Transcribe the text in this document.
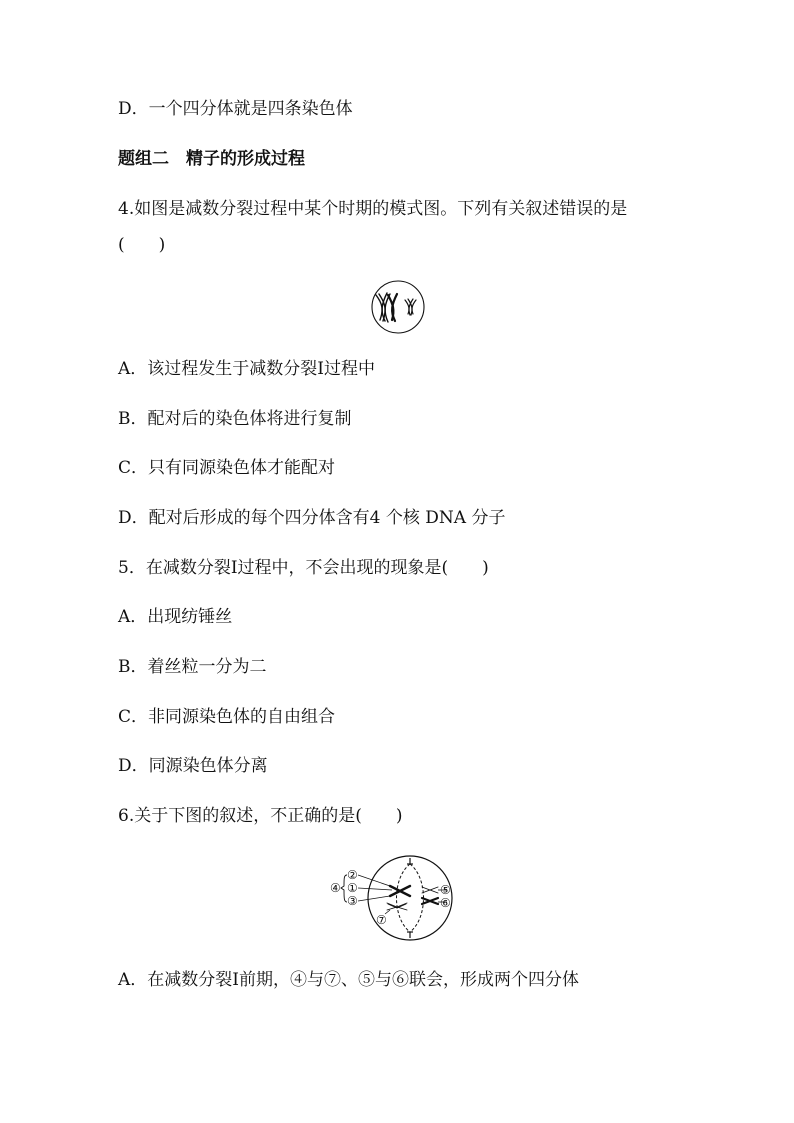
D．一个四分体就是四条染色体
题组二　精子的形成过程
4.如图是减数分裂过程中某个时期的模式图。下列有关叙述错误的是
(　　)
A．该过程发生于减数分裂Ⅰ过程中
B．配对后的染色体将进行复制
C．只有同源染色体才能配对
D．配对后形成的每个四分体含有4 个核 DNA 分子
5．在减数分裂Ⅰ过程中，不会出现的现象是(　　)
A．出现纺锤丝
B．着丝粒一分为二
C．非同源染色体的自由组合
D．同源染色体分离
6.关于下图的叙述，不正确的是(　　)
②
①
③
④	⑤
⑥
⑦
A．在减数分裂Ⅰ前期，④与⑦、⑤与⑥联会，形成两个四分体
